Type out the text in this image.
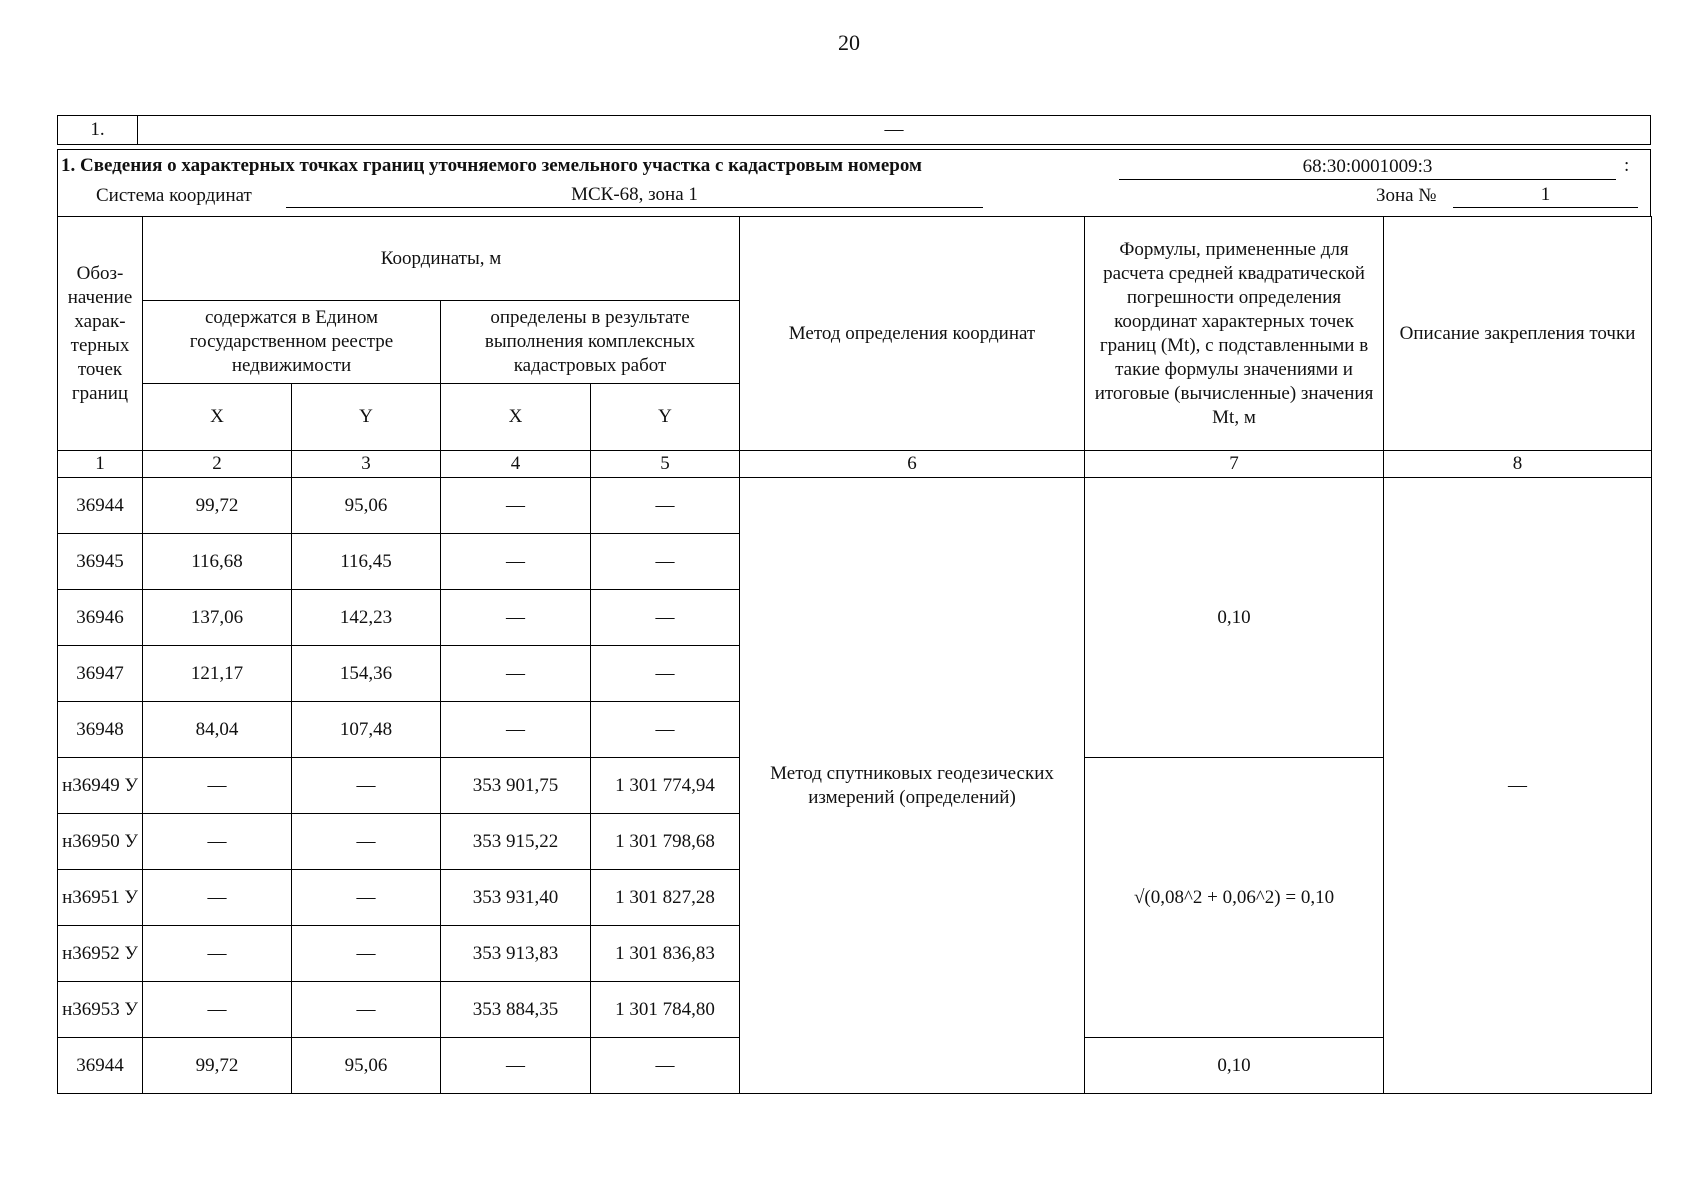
20
1.	—
1. Сведения о характерных точках границ уточняемого земельного участка с кадастровым номером	68:30:0001009:3	:
Система координат	МСК-68, зона 1	Зона №	1
Обоз-начение харак-терных точек границ	Координаты, м				Метод определения координат	Формулы, примененные для расчета средней квадратической погрешности определения координат характерных точек границ (Mt), с подставленными в такие формулы значениями и итоговые (вычисленные) значения Mt, м	Описание закрепления точки
	содержатся в Едином государственном реестре недвижимости		определены в результате выполнения комплексных кадастровых работ				
	X	Y	X	Y			
1	2	3	4	5	6	7	8
36944	99,72	95,06	—	—	Метод спутниковых геодезических измерений (определений)	0,10	—
36945	116,68	116,45	—	—			
36946	137,06	142,23	—	—			
36947	121,17	154,36	—	—			
36948	84,04	107,48	—	—			
н36949 У	—	—	353 901,75	1 301 774,94		√(0,08^2 + 0,06^2) = 0,10	
н36950 У	—	—	353 915,22	1 301 798,68			
н36951 У	—	—	353 931,40	1 301 827,28			
н36952 У	—	—	353 913,83	1 301 836,83			
н36953 У	—	—	353 884,35	1 301 784,80			
36944	99,72	95,06	—	—		0,10	
